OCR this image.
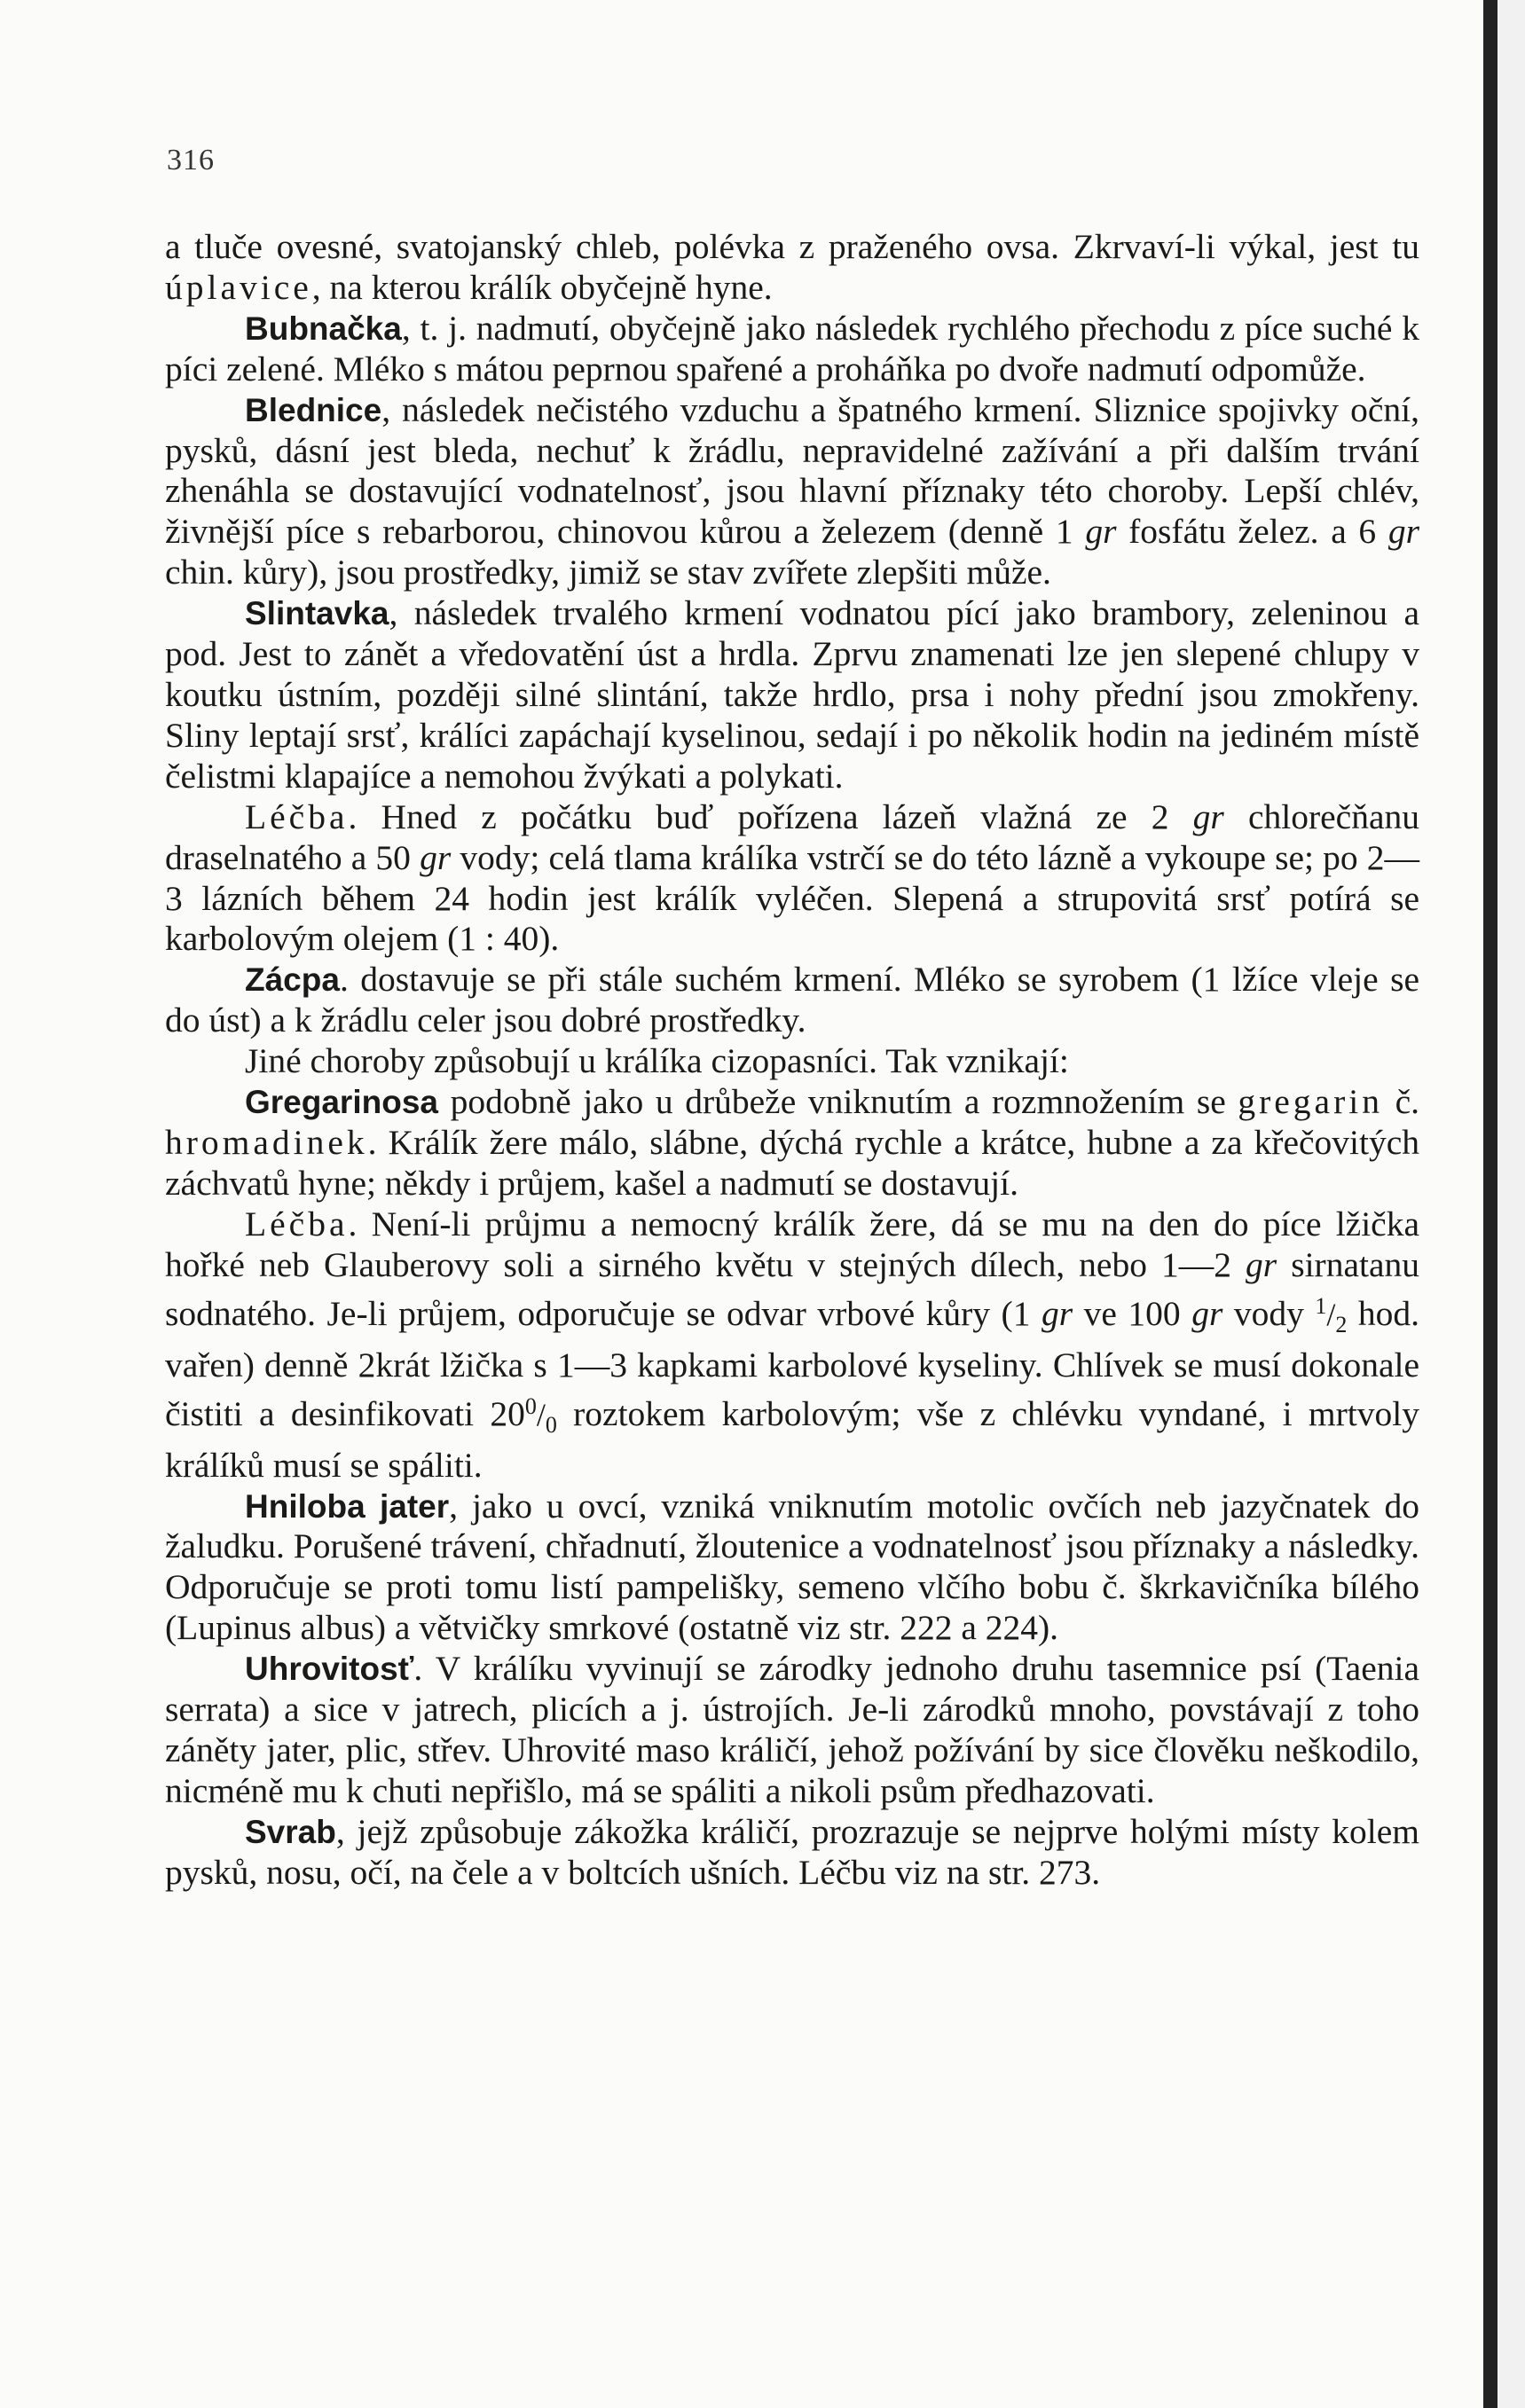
316

a tluče ovesné, svatojanský chleb, polévka z praženého ovsa. Zkrvaví-li výkal, jest tu úplavice, na kterou králík obyčejně hyne.

Bubnačka, t. j. nadmutí, obyčejně jako následek rychlého přechodu z píce suché k píci zelené. Mléko s mátou peprnou spařené a proháňka po dvoře nadmutí odpomůže.

Blednice, následek nečistého vzduchu a špatného krmení. Sliznice spojivky oční, pysků, dásní jest bleda, nechuť k žrádlu, nepravidelné zažívání a při dalším trvání zhenáhla se dostavující vodnatelnosť, jsou hlavní příznaky této choroby. Lepší chlév, živnější píce s rebarborou, chinovou kůrou a železem (denně 1 gr fosfátu želez. a 6 gr chin. kůry), jsou prostředky, jimiž se stav zvířete zlepšiti může.

Slintavka, následek trvalého krmení vodnatou pící jako brambory, zeleninou a pod. Jest to zánět a vředovatění úst a hrdla. Zprvu znamenati lze jen slepené chlupy v koutku ústním, později silné slintání, takže hrdlo, prsa i nohy přední jsou zmokřeny. Sliny leptají srsť, králíci zapáchají kyselinou, sedají i po několik hodin na jediném místě čelistmi klapajíce a nemohou žvýkati a polykati.

Léčba. Hned z počátku buď pořízena lázeň vlažná ze 2 gr chlorečňanu draselnatého a 50 gr vody; celá tlama králíka vstrčí se do této lázně a vykoupe se; po 2—3 lázních během 24 hodin jest králík vyléčen. Slepená a strupovitá srsť potírá se karbolovým olejem (1 : 40).

Zácpa. dostavuje se při stále suchém krmení. Mléko se syrobem (1 lžíce vleje se do úst) a k žrádlu celer jsou dobré prostředky.

Jiné choroby způsobují u králíka cizopasníci. Tak vznikají:

Gregarinosa podobně jako u drůbeže vniknutím a rozmnožením se gregarin č. hromadinek. Králík žere málo, slábne, dýchá rychle a krátce, hubne a za křečovitých záchvatů hyne; někdy i průjem, kašel a nadmutí se dostavují.

Léčba. Není-li průjmu a nemocný králík žere, dá se mu na den do píce lžička hořké neb Glauberovy soli a sirného květu v stejných dílech, nebo 1—2 gr sirnatanu sodnatého. Je-li průjem, odporučuje se odvar vrbové kůry (1 gr ve 100 gr vody $^1/_2$ hod. vařen) denně 2krát lžička s 1—3 kapkami karbolové kyseliny. Chlívek se musí dokonale čistiti a desinfikovati $20^0/_0$ roztokem karbolovým; vše z chlévku vyndané, i mrtvoly králíků musí se spáliti.

Hniloba jater, jako u ovcí, vzniká vniknutím motolic ovčích neb jazyčnatek do žaludku. Porušené trávení, chřadnutí, žloutenice a vodnatelnosť jsou příznaky a následky. Odporučuje se proti tomu listí pampelišky, semeno vlčího bobu č. škrkavičníka bílého (Lupinus albus) a větvičky smrkové (ostatně viz str. 222 a 224).

Uhrovitosť. V králíku vyvinují se zárodky jednoho druhu tasemnice psí (Taenia serrata) a sice v jatrech, plicích a j. ústrojích. Je-li zárodků mnoho, povstávají z toho záněty jater, plic, střev. Uhrovité maso králičí, jehož požívání by sice člověku neškodilo, nicméně mu k chuti nepřišlo, má se spáliti a nikoli psům předhazovati.

Svrab, jejž způsobuje zákožka králičí, prozrazuje se nejprve holými místy kolem pysků, nosu, očí, na čele a v boltcích ušních. Léčbu viz na str. 273.
